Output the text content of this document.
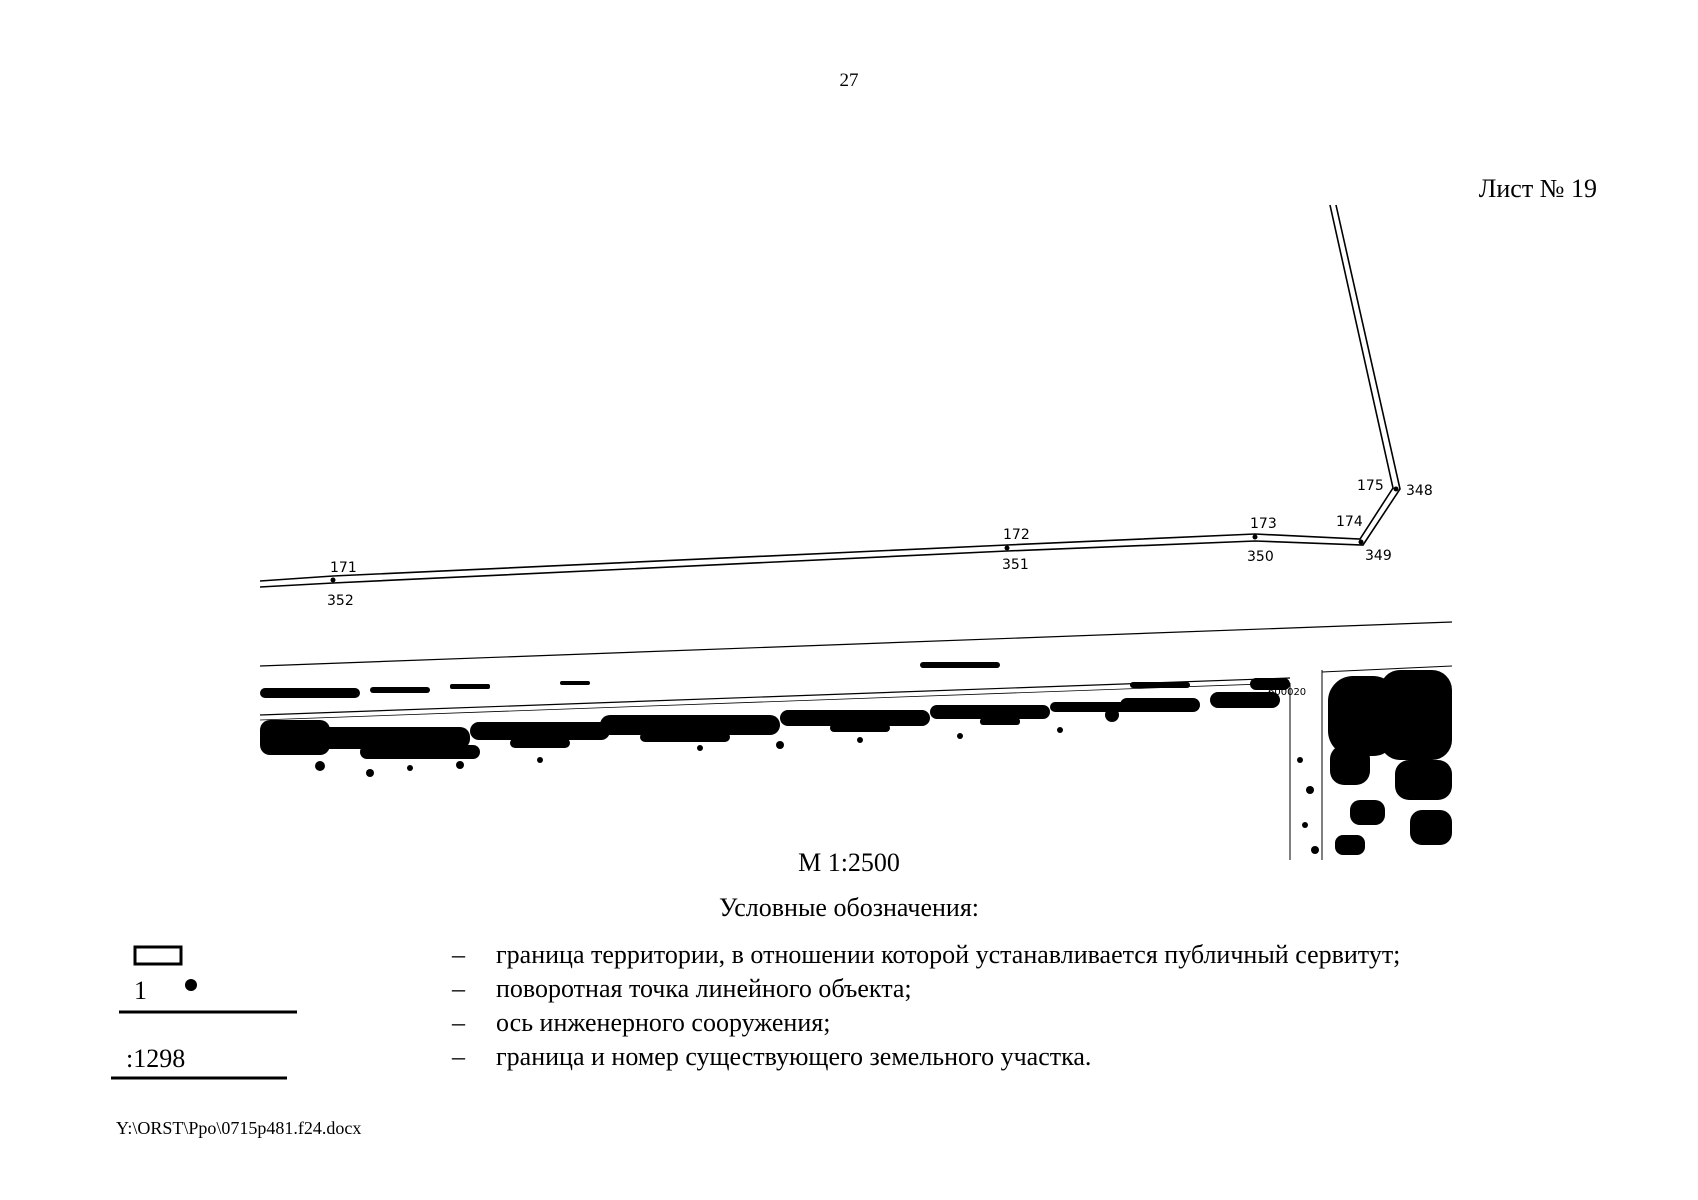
27
Лист № 19
171
352
172
351
173
350
174
349
175 348
600020
М 1:2500
Условные обозначения:
– граница территории, в отношении которой устанавливается публичный сервитут;
1	– поворотная точка линейного объекта;
– ось инженерного сооружения;
:1298	– граница и номер существующего земельного участка.
Y:\ORST\Ppo\0715p481.f24.docx
